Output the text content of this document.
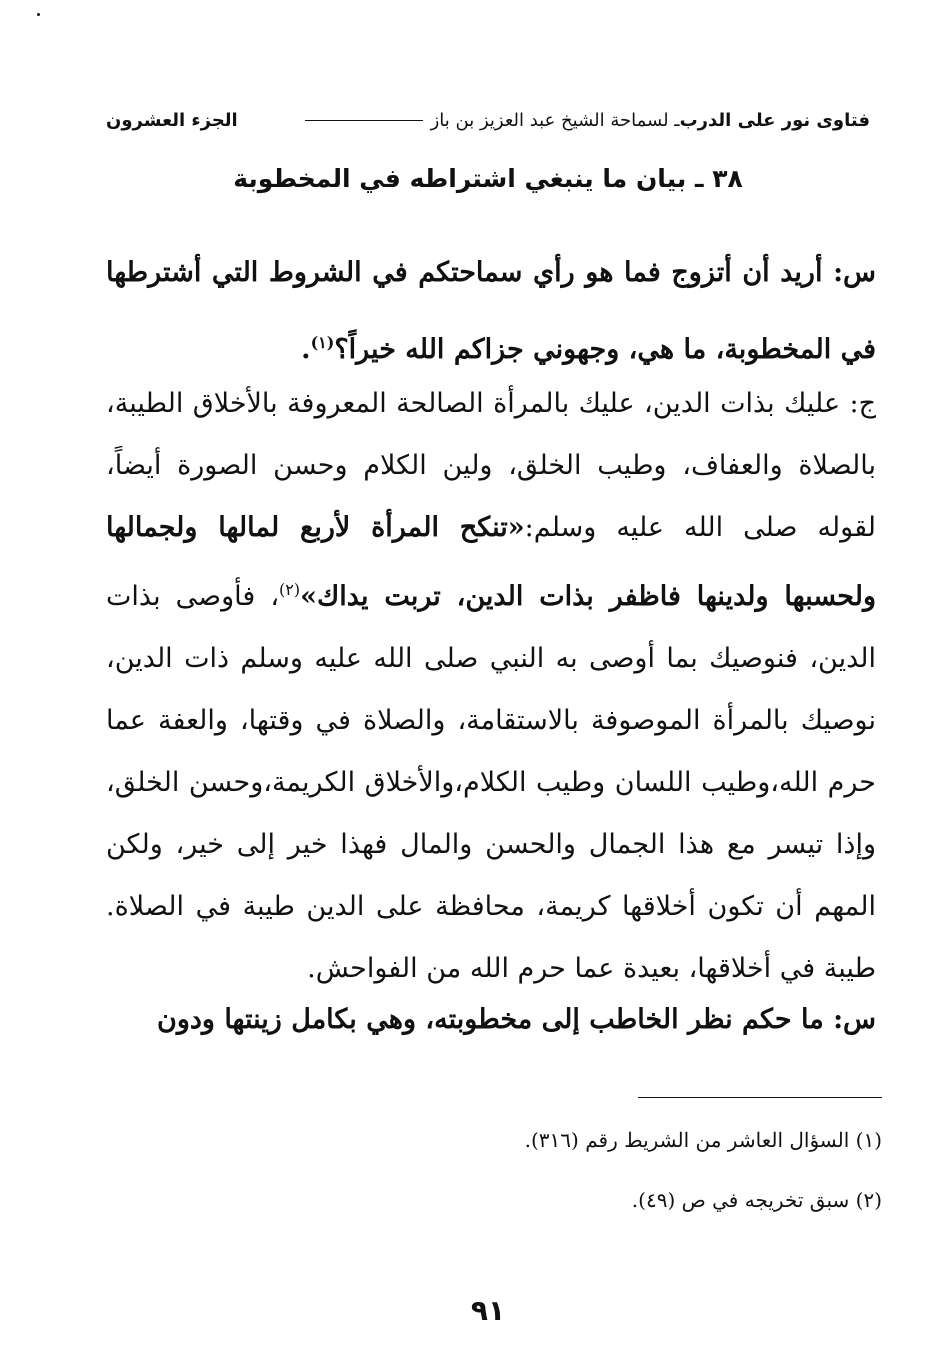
فتاوى نور على الدرب
ـ لسماحة الشيخ عبد العزيز بن باز
الجزء العشرون
٣٨ ـ بيان ما ينبغي اشتراطه في المخطوبة

س: أريد أن أتزوج فما هو رأي سماحتكم في الشروط التي أشترطها في المخطوبة، ما هي، وجهوني جزاكم الله خيراً؟$^{(١)}$.

ج: عليك بذات الدين، عليك بالمرأة الصالحة المعروفة بالأخلاق الطيبة، بالصلاة والعفاف، وطيب الخلق، ولين الكلام وحسن الصورة أيضاً، لقوله صلى الله عليه وسلم:«تنكح المرأة لأربع لمالها ولجمالها ولحسبها ولدينها فاظفر بذات الدين، تربت يداك»$^{(٢)}$، فأوصى بذات الدين، فنوصيك بما أوصى به النبي صلى الله عليه وسلم ذات الدين، نوصيك بالمرأة الموصوفة بالاستقامة، والصلاة في وقتها، والعفة عما حرم الله،وطيب اللسان وطيب الكلام،والأخلاق الكريمة،وحسن الخلق، وإذا تيسر مع هذا الجمال والحسن والمال فهذا خير إلى خير، ولكن المهم أن تكون أخلاقها كريمة، محافظة على الدين طيبة في الصلاة. طيبة في أخلاقها، بعيدة عما حرم الله من الفواحش.

س: ما حكم نظر الخاطب إلى مخطوبته، وهي بكامل زينتها ودون

(١) السؤال العاشر من الشريط رقم (٣١٦).
(٢) سبق تخريجه في ص (٤٩).
٩١
